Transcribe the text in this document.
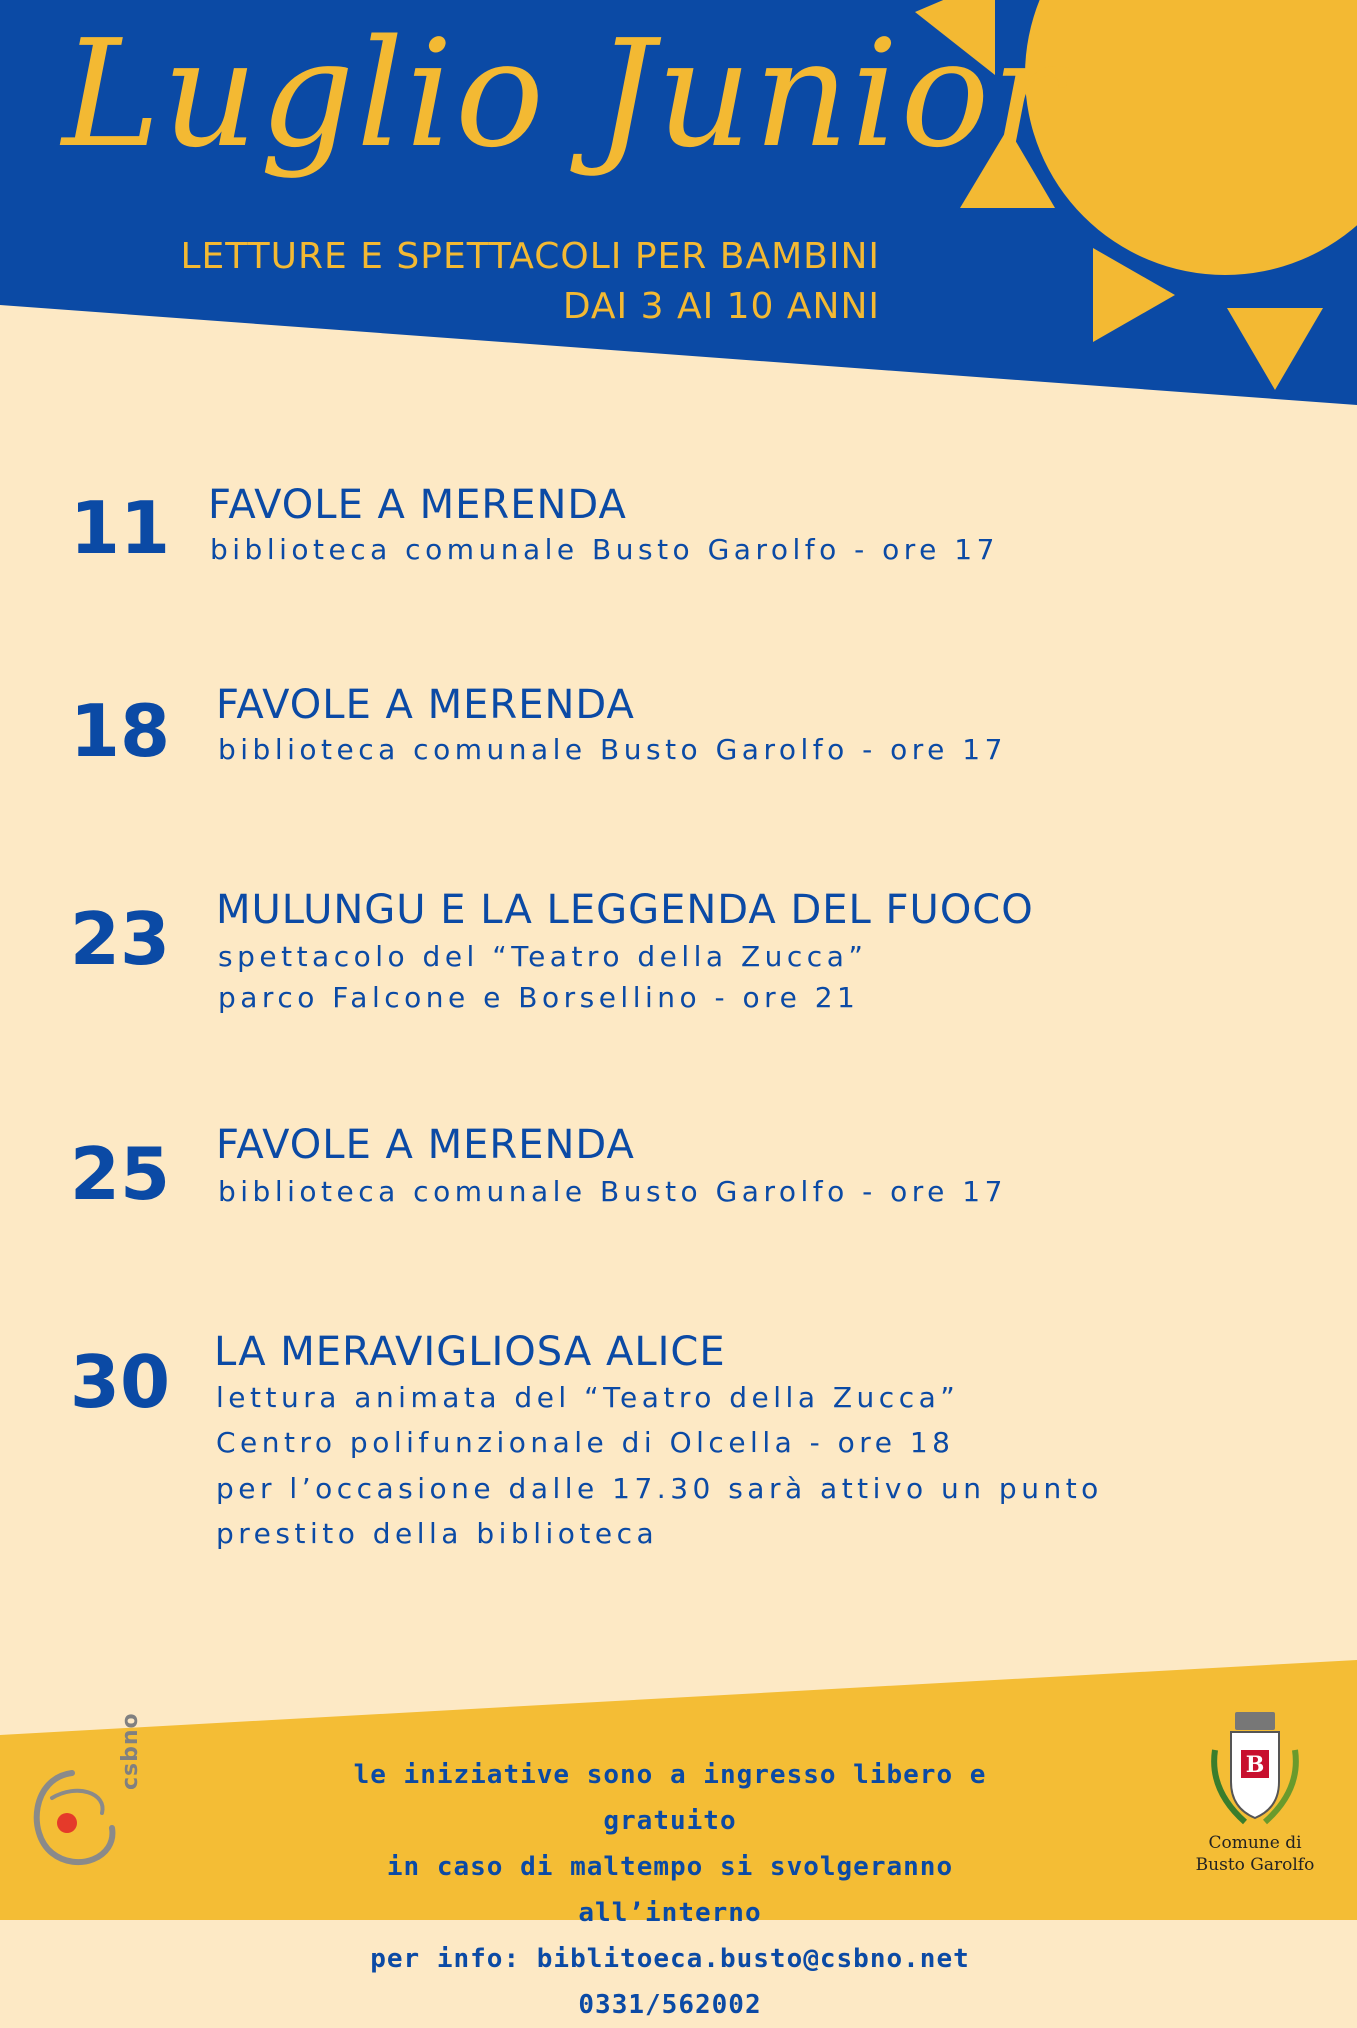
Luglio Junior
LETTURE E SPETTACOLI PER BAMBINI
DAI 3 AI 10 ANNI
11 FAVOLE A MERENDA
biblioteca comunale Busto Garolfo - ore 17
18	FAVOLE A MERENDA
biblioteca comunale Busto Garolfo - ore 17
23	MULUNGU E LA LEGGENDA DEL FUOCO
spettacolo del “Teatro della Zucca”
parco Falcone e Borsellino - ore 21
25	FAVOLE A MERENDA
biblioteca comunale Busto Garolfo - ore 17
30	LA MERAVIGLIOSA ALICE
lettura animata del “Teatro della Zucca”
Centro polifunzionale di Olcella - ore 18
per l’occasione dalle 17.30 sarà attivo un punto
prestito della biblioteca
le iniziative sono a ingresso libero e gratuito
in caso di maltempo si svolgeranno all’interno
per info: biblitoeca.busto@csbno.net 0331/562002
csbno	B
Comune di
Busto Garolfo
